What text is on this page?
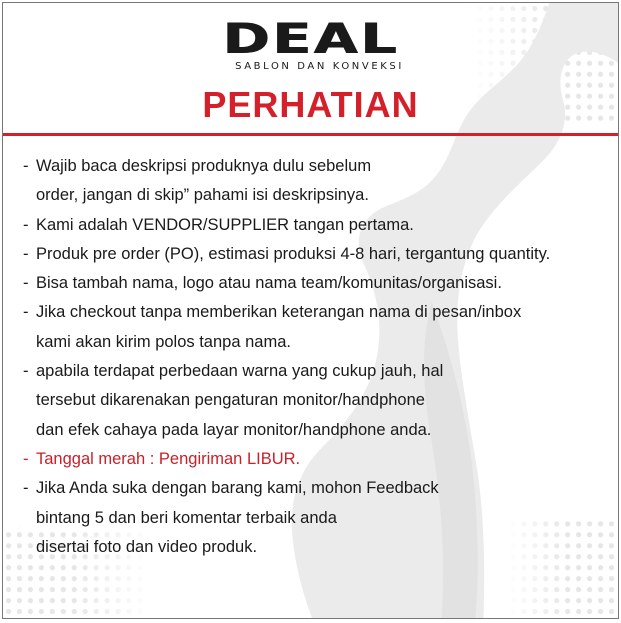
DEAL
SABLON DAN KONVEKSI
PERHATIAN
- Wajib baca deskripsi produknya dulu sebelum
order, jangan di skip” pahami isi deskripsinya.
- Kami adalah VENDOR/SUPPLIER tangan pertama.
- Produk pre order (PO), estimasi produksi 4-8 hari, tergantung quantity.
- Bisa tambah nama, logo atau nama team/komunitas/organisasi.
- Jika checkout tanpa memberikan keterangan nama di pesan/inbox
kami akan kirim polos tanpa nama.
- apabila terdapat perbedaan warna yang cukup jauh, hal
tersebut dikarenakan pengaturan monitor/handphone
dan efek cahaya pada layar monitor/handphone anda.
- Tanggal merah : Pengiriman LIBUR.
- Jika Anda suka dengan barang kami, mohon Feedback
bintang 5 dan beri komentar terbaik anda
disertai foto dan video produk.
